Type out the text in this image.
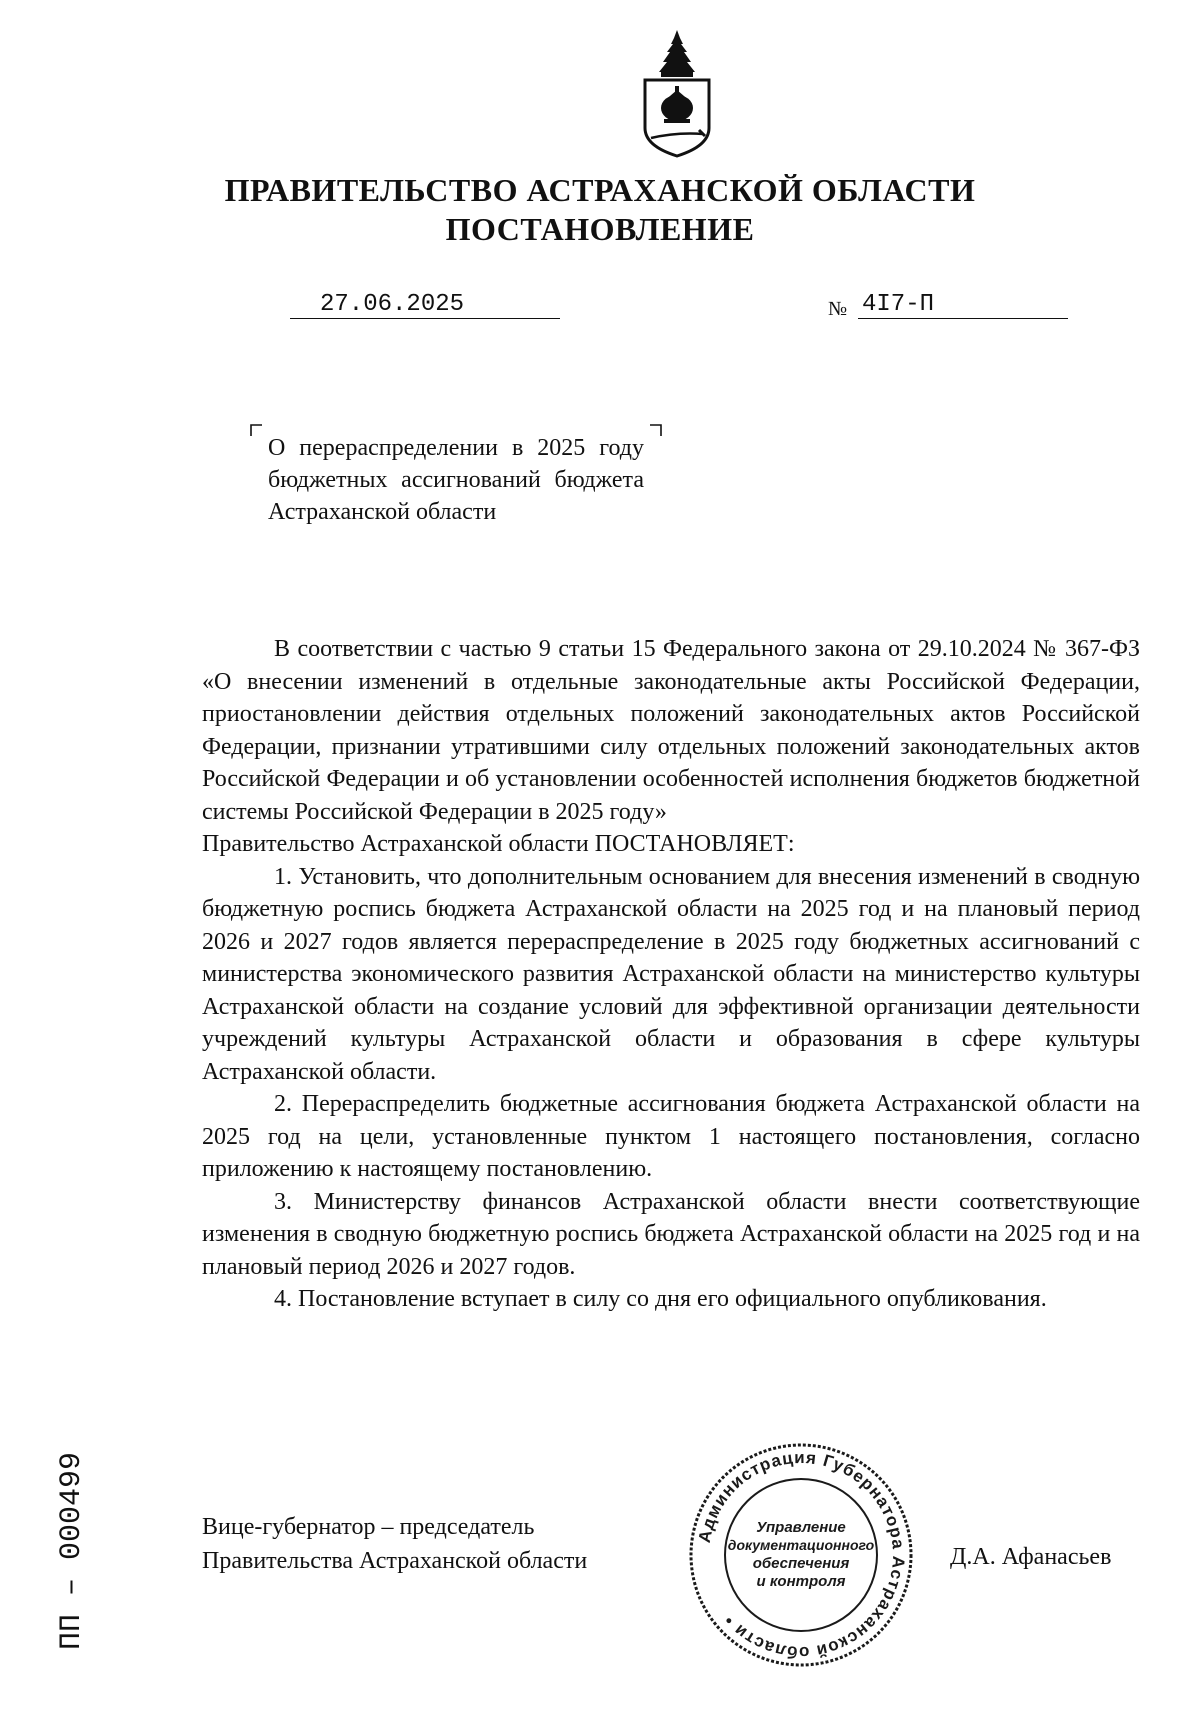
ПРАВИТЕЛЬСТВО АСТРАХАНСКОЙ ОБЛАСТИ
ПОСТАНОВЛЕНИЕ
27.06.2025	№ 4I7-П
О перераспределении в 2025 году бюджетных ассигнований бюджета Астраханской области

В соответствии с частью 9 статьи 15 Федерального закона от 29.10.2024 № 367-ФЗ «О внесении изменений в отдельные законодательные акты Российской Федерации, приостановлении действия отдельных положений законодательных актов Российской Федерации, признании утратившими силу отдельных положений законодательных актов Российской Федерации и об установлении особенностей исполнения бюджетов бюджетной системы Российской Федерации в 2025 году»

Правительство Астраханской области ПОСТАНОВЛЯЕТ:

1. Установить, что дополнительным основанием для внесения изменений в сводную бюджетную роспись бюджета Астраханской области на 2025 год и на плановый период 2026 и 2027 годов является перераспределение в 2025 году бюджетных ассигнований с министерства экономического развития Астраханской области на министерство культуры Астраханской области на создание условий для эффективной организации деятельности учреждений культуры Астраханской области и образования в сфере культуры Астраханской области.

2. Перераспределить бюджетные ассигнования бюджета Астраханской области на 2025 год на цели, установленные пунктом 1 настоящего постановления, согласно приложению к настоящему постановлению.

3. Министерству финансов Астраханской области внести соответствующие изменения в сводную бюджетную роспись бюджета Астраханской области на 2025 год и на плановый период 2026 и 2027 годов.

4. Постановление вступает в силу со дня его официального опубликования.

Вице-губернатор – председатель
Правительства Астраханской области
Администрация Губернатора Астраханской области •
Управление
документационного
обеспечения
и контроля
Д.А. Афанасьев
ПП – 000499
